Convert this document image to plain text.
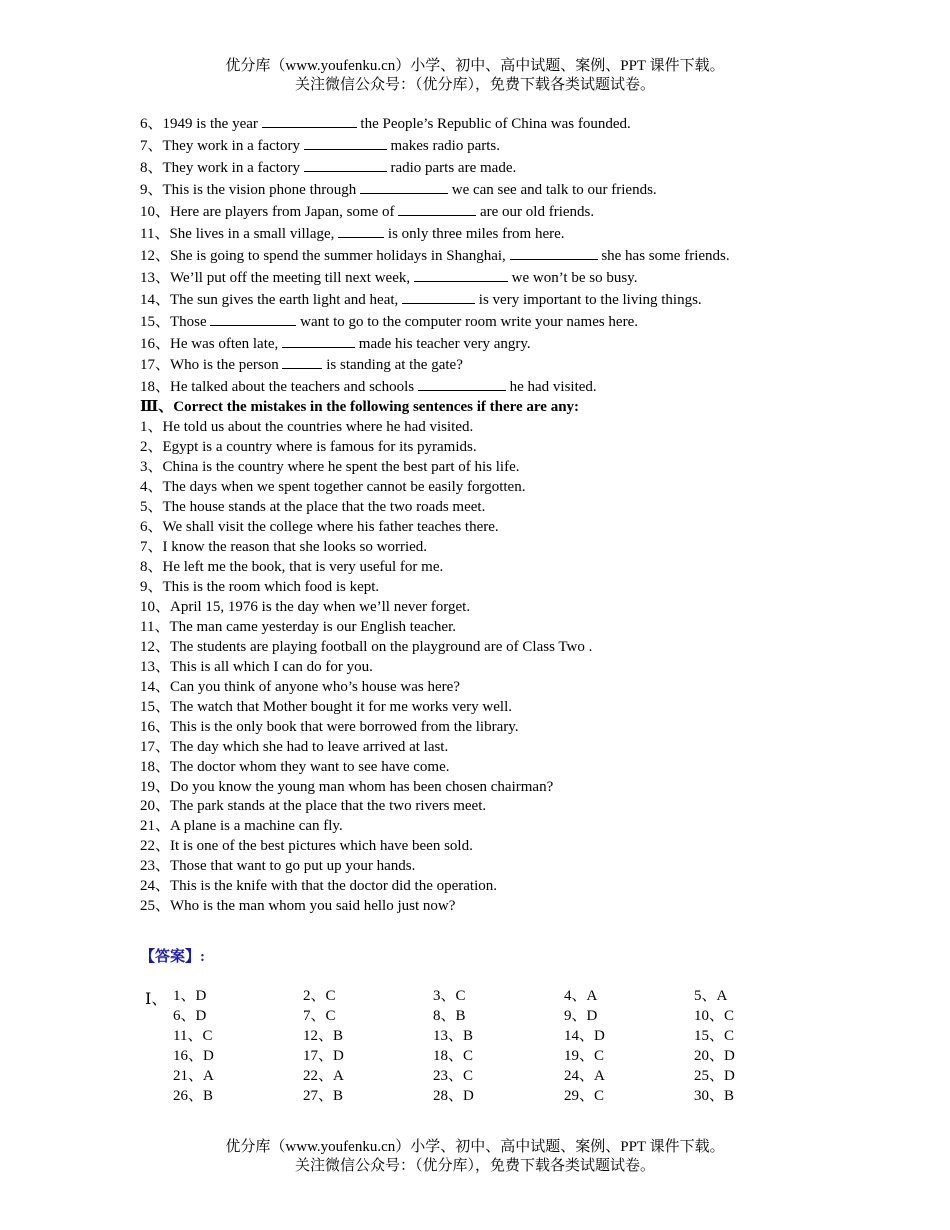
优分库（www.youfenku.cn）小学、初中、高中试题、案例、PPT 课件下载。
关注微信公众号：（优分库），免费下载各类试题试卷。
6、1949 is the year	the People’s Republic of China was founded.
7、They work in a factory	makes radio parts.
8、They work in a factory	radio parts are made.
9、This is the vision phone through	we can see and talk to our friends.
10、Here are players from Japan, some of	are our old friends.
11、She lives in a small village,	is only three miles from here.
12、She is going to spend the summer holidays in Shanghai,	she has some friends.
13、We’ll put off the meeting till next week,	we won’t be so busy.
14、The sun gives the earth light and heat,	is very important to the living things.
15、Those	want to go to the computer room write your names here.
16、He was often late,	made his teacher very angry.
17、Who is the person	is standing at the gate?
18、He talked about the teachers and schools	he had visited.
Ⅲ、Correct the mistakes in the following sentences if there are any:
1、He told us about the countries where he had visited.
2、Egypt is a country where is famous for its pyramids.
3、China is the country where he spent the best part of his life.
4、The days when we spent together cannot be easily forgotten.
5、The house stands at the place that the two roads meet.
6、We shall visit the college where his father teaches there.
7、I know the reason that she looks so worried.
8、He left me the book, that is very useful for me.
9、This is the room which food is kept.
10、April 15, 1976 is the day when we’ll never forget.
11、The man came yesterday is our English teacher.
12、The students are playing football on the playground are of Class Two .
13、This is all which I can do for you.
14、Can you think of anyone who’s house was here?
15、The watch that Mother bought it for me works very well.
16、This is the only book that were borrowed from the library.
17、The day which she had to leave arrived at last.
18、The doctor whom they want to see have come.
19、Do you know the young man whom has been chosen chairman?
20、The park stands at the place that the two rivers meet.
21、A plane is a machine can fly.
22、It is one of the best pictures which have been sold.
23、Those that want to go put up your hands.
24、This is the knife with that the doctor did the operation.
25、Who is the man whom you said hello just now?
【答案】:
Ⅰ、 1、D	2、C	3、C	4、A	5、A
6、D	7、C	8、B	9、D	10、C
11、C	12、B	13、B	14、D	15、C
16、D	17、D	18、C	19、C	20、D
21、A	22、A	23、C	24、A	25、D
26、B	27、B	28、D	29、C	30、B
优分库（www.youfenku.cn）小学、初中、高中试题、案例、PPT 课件下载。
关注微信公众号：（优分库），免费下载各类试题试卷。
